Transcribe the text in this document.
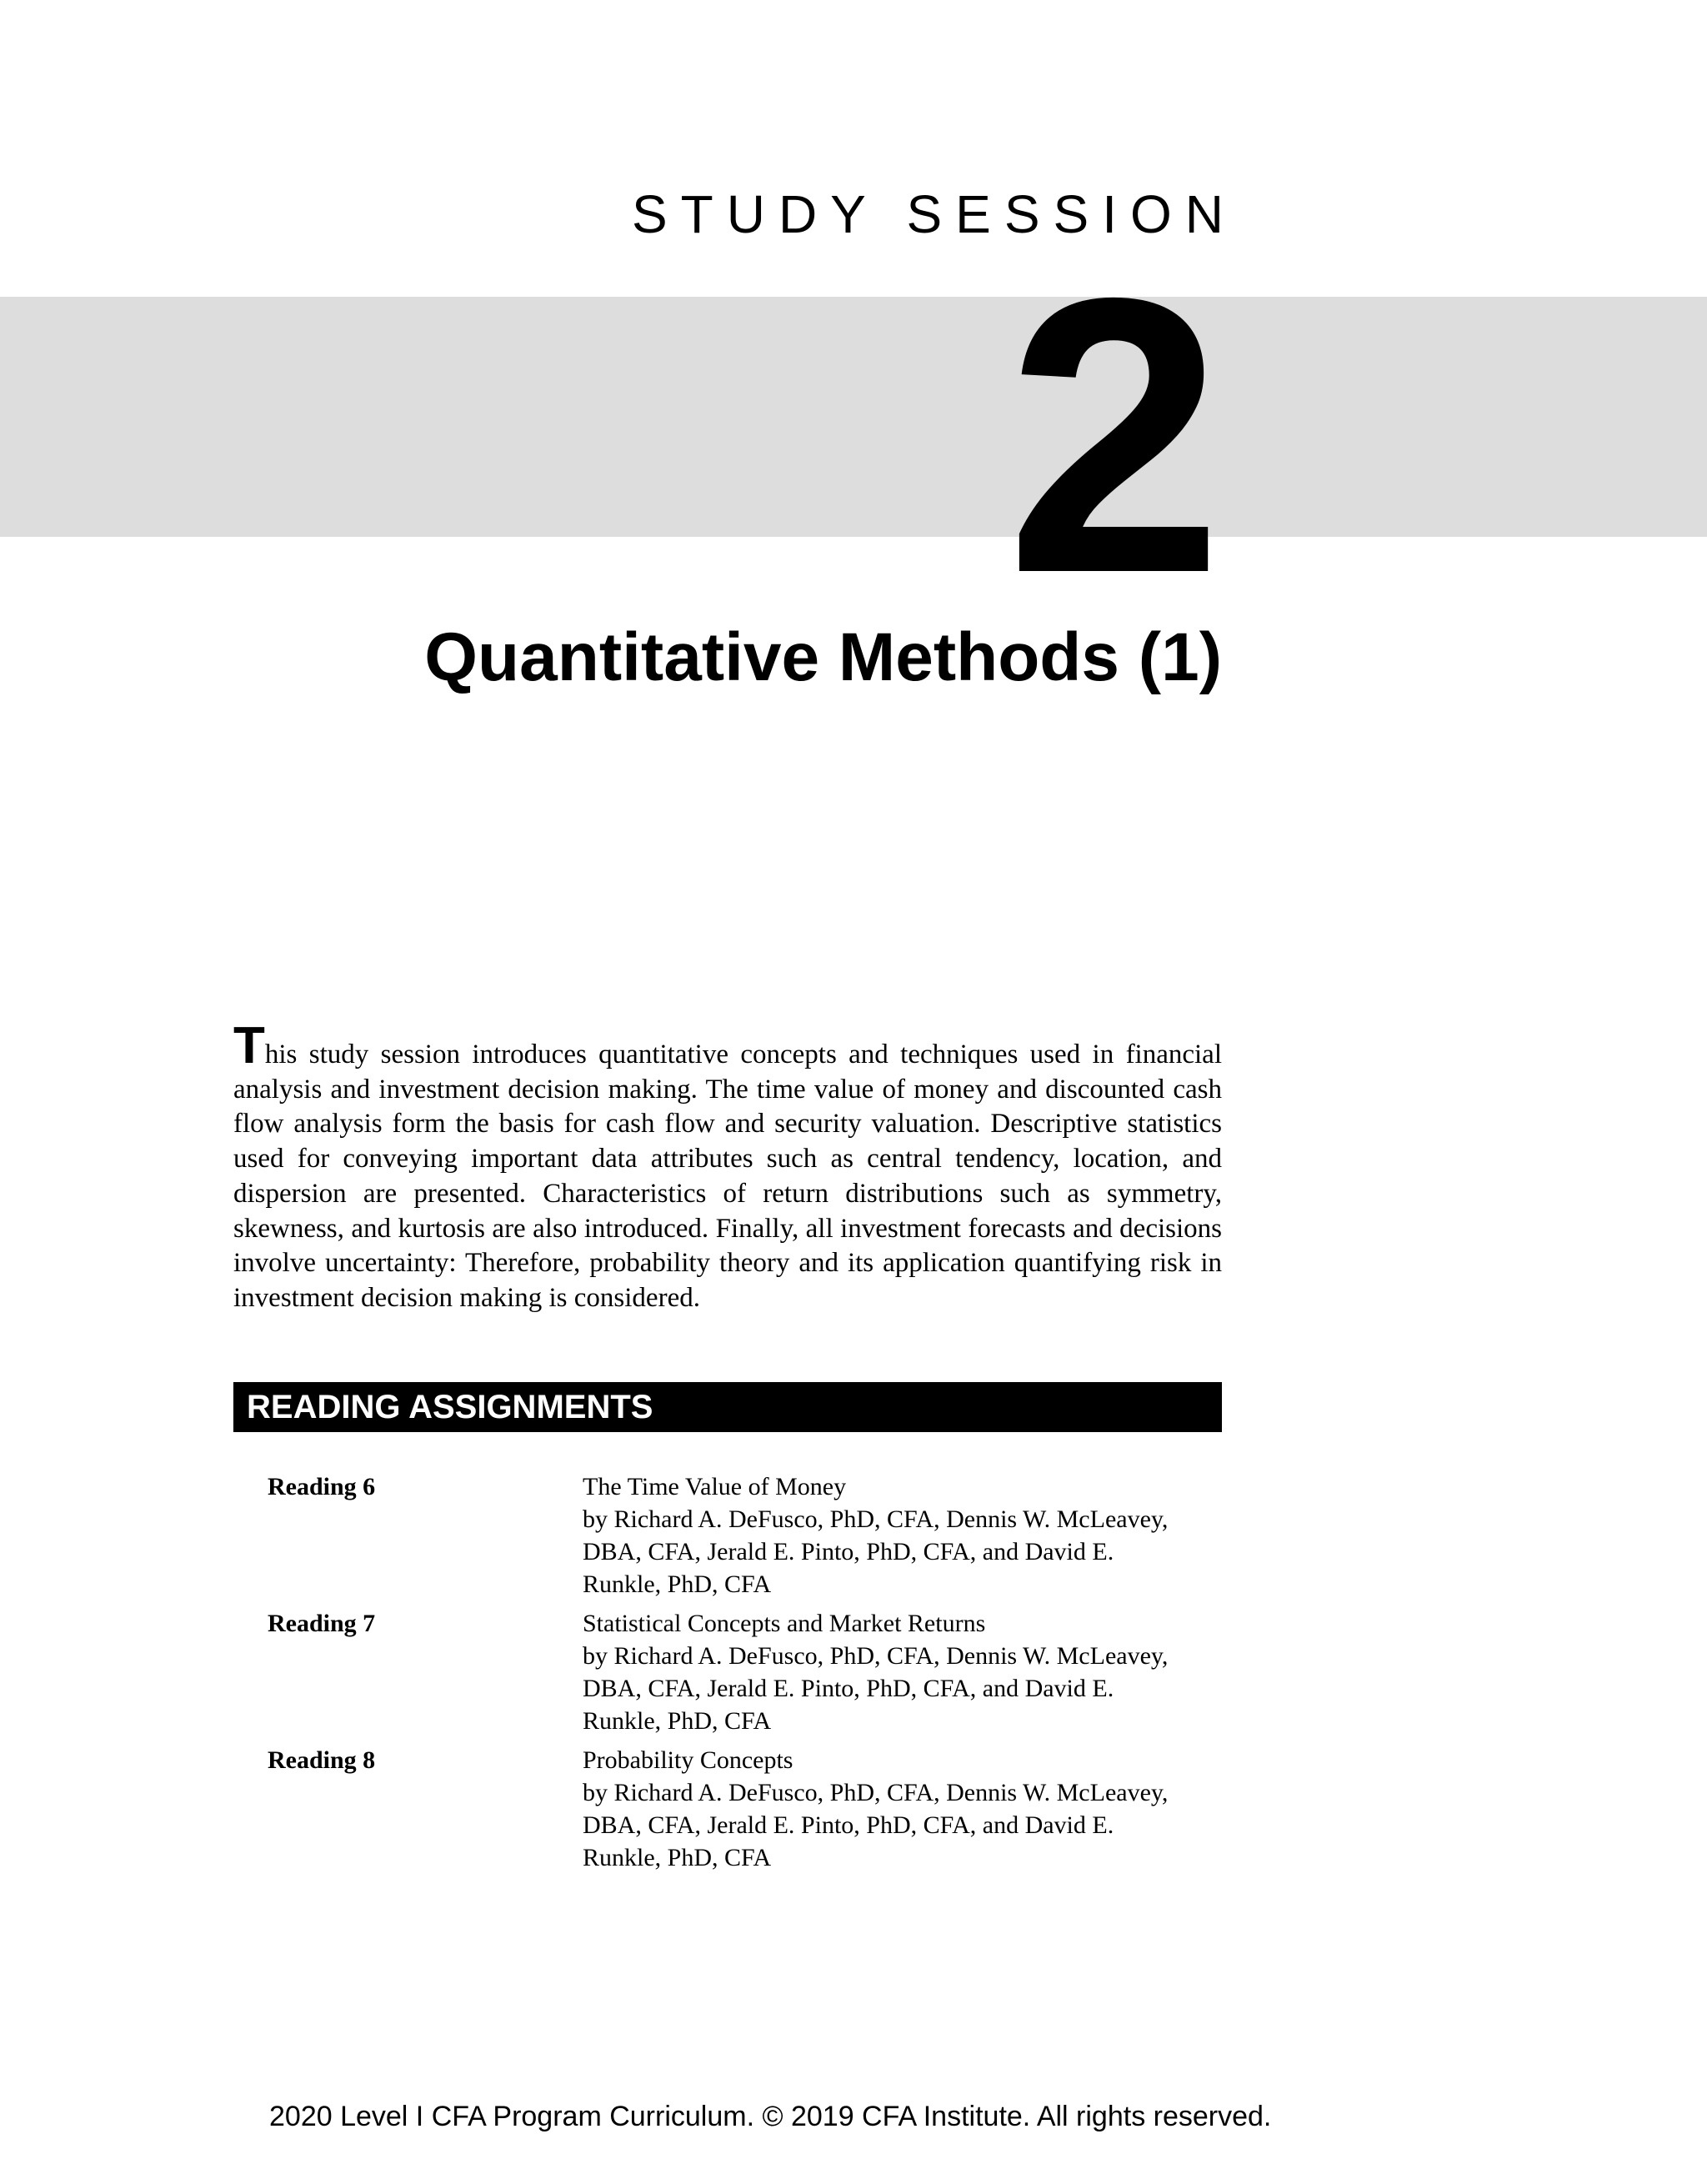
STUDY SESSION
2
Quantitative Methods (1)

This study session introduces quantitative concepts and techniques used in financial analysis and investment decision making. The time value of money and discounted cash flow analysis form the basis for cash flow and security valuation. Descriptive statistics used for conveying important data attributes such as central tendency, location, and dispersion are presented. Characteristics of return distributions such as symmetry, skewness, and kurtosis are also introduced. Finally, all investment forecasts and decisions involve uncertainty: Therefore, probability theory and its application quantifying risk in investment decision making is considered.

READING ASSIGNMENTS
Reading 6	The Time Value of Money
by Richard A. DeFusco, PhD, CFA, Dennis W. McLeavey, DBA, CFA, Jerald E. Pinto, PhD, CFA, and David E. Runkle, PhD, CFA
Reading 7	Statistical Concepts and Market Returns
by Richard A. DeFusco, PhD, CFA, Dennis W. McLeavey, DBA, CFA, Jerald E. Pinto, PhD, CFA, and David E. Runkle, PhD, CFA
Reading 8	Probability Concepts
by Richard A. DeFusco, PhD, CFA, Dennis W. McLeavey, DBA, CFA, Jerald E. Pinto, PhD, CFA, and David E. Runkle, PhD, CFA
2020 Level I CFA Program Curriculum. © 2019 CFA Institute. All rights reserved.
